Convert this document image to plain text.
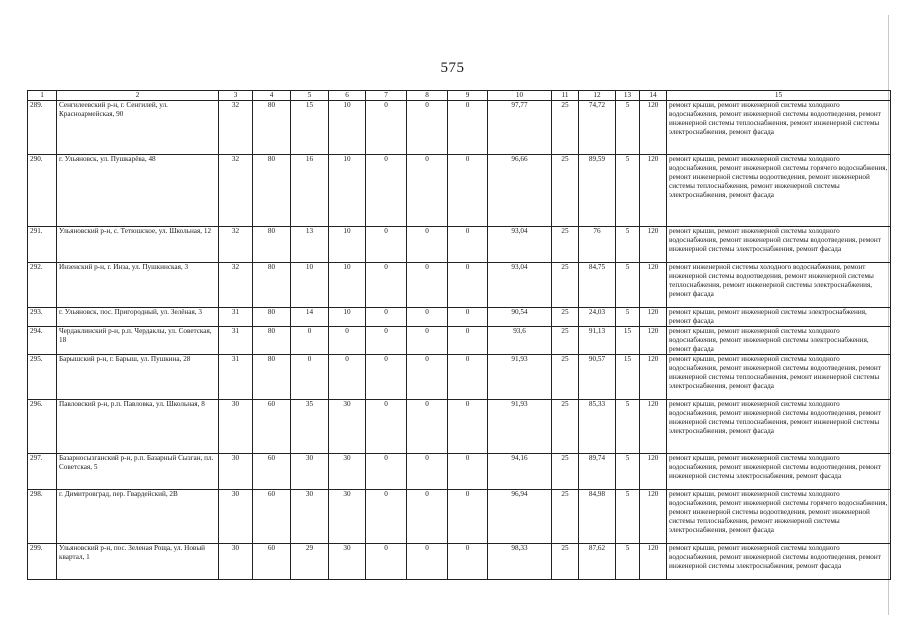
575
1	2	3	4	5	6	7	8	9	10	11	12	13	14	15
289.	Сенгилеевский р-н, г. Сенгилей, ул. Красноармейская, 90	32	80	15	10	0	0	0	97,77	25	74,72	5	120	ремонт крыши, ремонт инженерной системы холодного водоснабжения, ремонт инженерной системы водоотведения, ремонт инженерной системы теплоснабжения, ремонт инженерной системы электроснабжения, ремонт фасада
290.	г. Ульяновск, ул. Пушкарёва, 48	32	80	16	10	0	0	0	96,66	25	89,59	5	120	ремонт крыши, ремонт инженерной системы холодного водоснабжения, ремонт инженерной системы горячего водоснабжения, ремонт инженерной системы водоотведения, ремонт инженерной системы теплоснабжения, ремонт инженерной системы электроснабжения, ремонт фасада
291.	Ульяновский р-н, с. Тетюшское, ул. Школьная, 12	32	80	13	10	0	0	0	93,04	25	76	5	120	ремонт крыши, ремонт инженерной системы холодного водоснабжения, ремонт инженерной системы водоотведения, ремонт инженерной системы электроснабжения, ремонт фасада
292.	Инзенский р-н, г. Инза, ул. Пушкинская, 3	32	80	10	10	0	0	0	93,04	25	84,75	5	120	ремонт инженерной системы холодного водоснабжения, ремонт инженерной системы водоотведения, ремонт инженерной системы теплоснабжения, ремонт инженерной системы электроснабжения, ремонт фасада
293.	г. Ульяновск, пос. Пригородный, ул. Зелёная, 3	31	80	14	10	0	0	0	90,54	25	24,03	5	120	ремонт крыши, ремонт инженерной системы электроснабжения, ремонт фасада
294.	Чердаклинский р-н, р.п. Чердаклы, ул. Советская, 18	31	80	0	0	0	0	0	93,6	25	91,13	15	120	ремонт крыши, ремонт инженерной системы холодного водоснабжения, ремонт инженерной системы электроснабжения, ремонт фасада
295.	Барышский р-н, г. Барыш, ул. Пушкина, 28	31	80	0	0	0	0	0	91,93	25	90,57	15	120	ремонт крыши, ремонт инженерной системы холодного водоснабжения, ремонт инженерной системы водоотведения, ремонт инженерной системы теплоснабжения, ремонт инженерной системы электроснабжения, ремонт фасада
296.	Павловский р-н, р.п. Павловка, ул. Школьная, 8	30	60	35	30	0	0	0	91,93	25	85,33	5	120	ремонт крыши, ремонт инженерной системы холодного водоснабжения, ремонт инженерной системы водоотведения, ремонт инженерной системы теплоснабжения, ремонт инженерной системы электроснабжения, ремонт фасада
297.	Базарносызганский р-н, р.п. Базарный Сызган, пл. Советская, 5	30	60	30	30	0	0	0	94,16	25	89,74	5	120	ремонт крыши, ремонт инженерной системы холодного водоснабжения, ремонт инженерной системы водоотведения, ремонт инженерной системы электроснабжения, ремонт фасада
298.	г. Димитровград, пер. Гвардейский, 2В	30	60	30	30	0	0	0	96,94	25	84,98	5	120	ремонт крыши, ремонт инженерной системы холодного водоснабжения, ремонт инженерной системы горячего водоснабжения, ремонт инженерной системы водоотведения, ремонт инженерной системы теплоснабжения, ремонт инженерной системы электроснабжения, ремонт фасада
299.	Ульяновский р-н, пос. Зеленая Роща, ул. Новый квартал, 1	30	60	29	30	0	0	0	98,33	25	87,62	5	120	ремонт крыши, ремонт инженерной системы холодного водоснабжения, ремонт инженерной системы водоотведения, ремонт инженерной системы электроснабжения, ремонт фасада
